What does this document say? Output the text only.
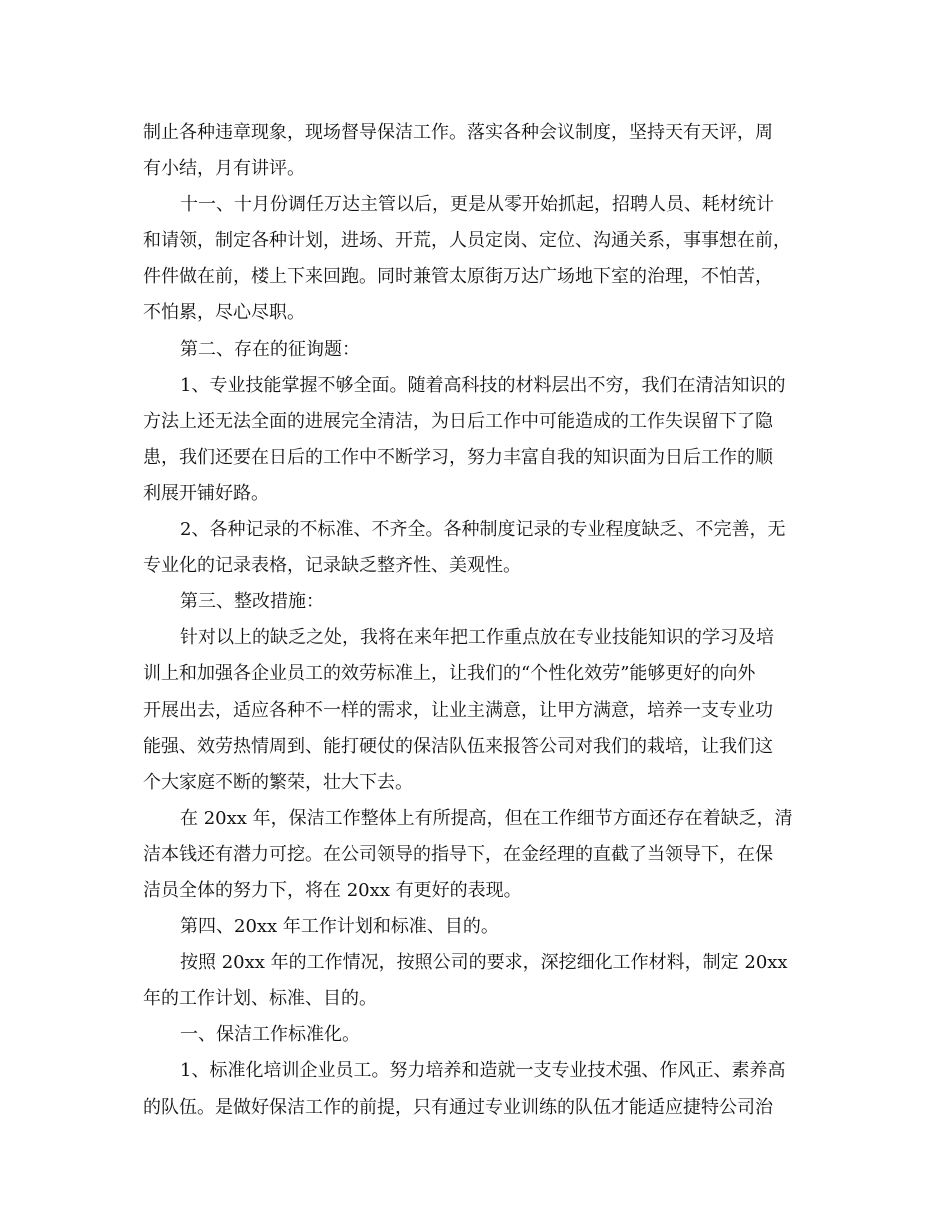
制止各种违章现象，现场督导保洁工作。落实各种会议制度，坚持天有天评，周
有小结，月有讲评。
十一、十月份调任万达主管以后，更是从零开始抓起，招聘人员、耗材统计
和请领，制定各种计划，进场、开荒，人员定岗、定位、沟通关系，事事想在前，
件件做在前，楼上下来回跑。同时兼管太原街万达广场地下室的治理，不怕苦，
不怕累，尽心尽职。
第二、存在的征询题：
1、专业技能掌握不够全面。随着高科技的材料层出不穷，我们在清洁知识的
方法上还无法全面的进展完全清洁，为日后工作中可能造成的工作失误留下了隐
患，我们还要在日后的工作中不断学习，努力丰富自我的知识面为日后工作的顺
利展开铺好路。
2、各种记录的不标准、不齐全。各种制度记录的专业程度缺乏、不完善，无
专业化的记录表格，记录缺乏整齐性、美观性。
第三、整改措施：
针对以上的缺乏之处，我将在来年把工作重点放在专业技能知识的学习及培
训上和加强各企业员工的效劳标准上，让我们的“个性化效劳”能够更好的向外
开展出去，适应各种不一样的需求，让业主满意，让甲方满意，培养一支专业功
能强、效劳热情周到、能打硬仗的保洁队伍来报答公司对我们的栽培，让我们这
个大家庭不断的繁荣，壮大下去。
在 20xx 年，保洁工作整体上有所提高，但在工作细节方面还存在着缺乏，清
洁本钱还有潜力可挖。在公司领导的指导下，在金经理的直截了当领导下，在保
洁员全体的努力下，将在 20xx 有更好的表现。
第四、20xx 年工作计划和标准、目的。
按照 20xx 年的工作情况，按照公司的要求，深挖细化工作材料，制定 20xx
年的工作计划、标准、目的。
一、保洁工作标准化。
1、标准化培训企业员工。努力培养和造就一支专业技术强、作风正、素养高
的队伍。是做好保洁工作的前提，只有通过专业训练的队伍才能适应捷特公司治
